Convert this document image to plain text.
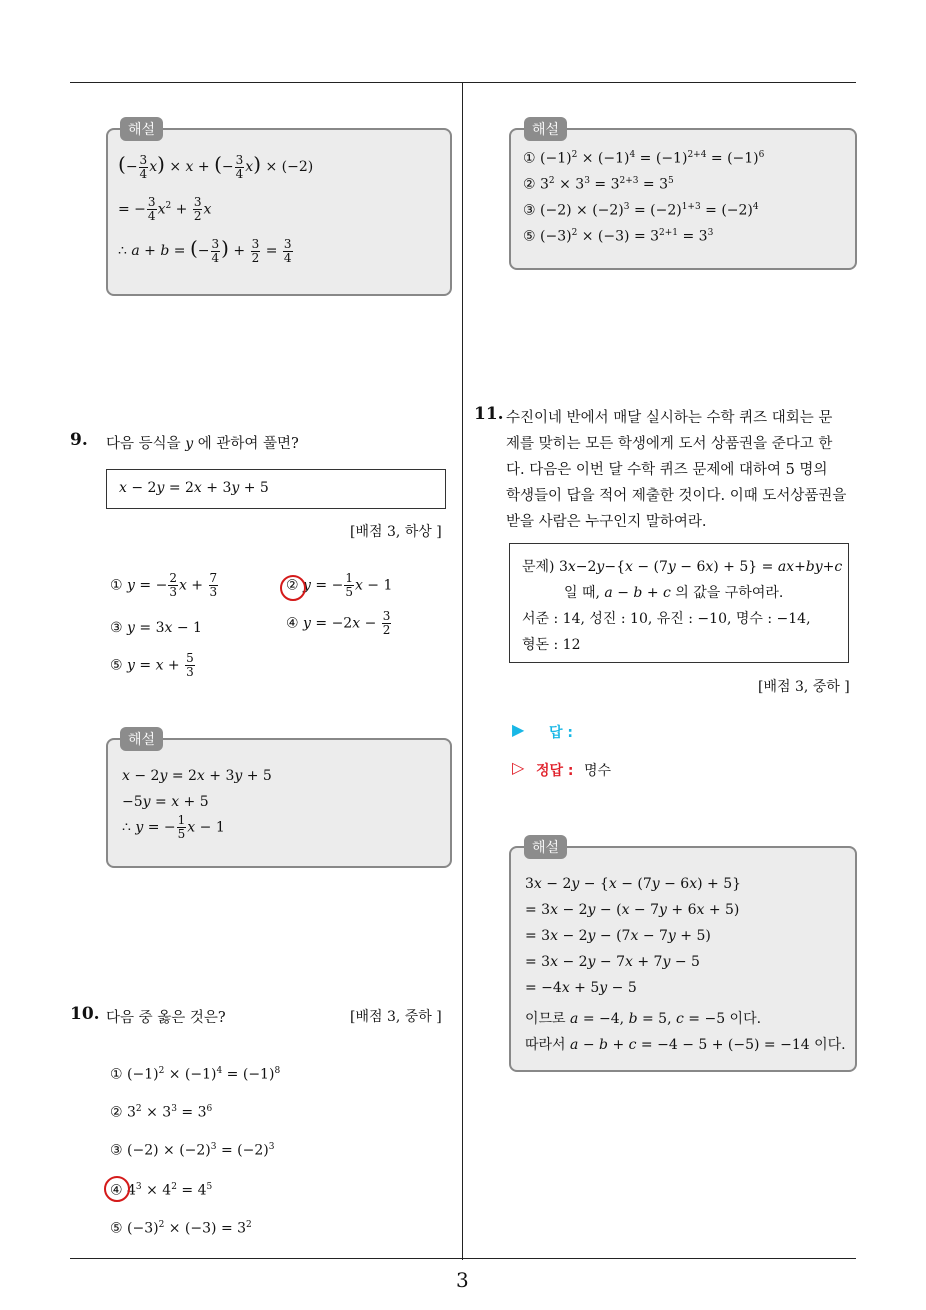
(− $\frac{3}{4} x) \times x$ + (− $\frac{3}{4} x) \times (-2)$
= − $\frac{3}{4} x^2 + \frac{3}{2}$ x
∴ a + b = (− $\frac{3}{4}$ ) + $\frac{3}{2} = \frac{3}{4}$
해설
9. 다음 등식을 y 에 관하여 풀면?
x − 2y = 2x + 3y + 5
[배점 3, 하상 ]
① y = − $\frac{2}{3}$ $x + \frac{7}{3}$	② y = − $\frac{1}{5}$ x − 1
③ y = 3x − 1	④ $y = -2x - \frac{3}{2}$
⑤ $y = x + \frac{5}{3}$
x − 2y = 2x + 3y + 5
−5y = x + 5
∴ y = − $\frac{1}{5}$ x − 1
해설
10. 다음 중 옳은 것은?	[배점 3, 중하 ]
① $(-1)^2 \times (-1)^4 = (-1)^8$
② $3^2 \times 3^3 = 3^6$
③ $(-2) \times (-2)^3 = (-2)^3$
④ $4^3 \times 4^2 = 4^5$
⑤ $(-3)^2 \times (-3) = 3^2$
① $(-1)^2 \times (-1)^4 = (-1)^{2+4} = (-1)^6$
② $3^2 \times 3^3 = 3^{2+3} = 3^5$
③ $(-2) \times (-2)^3 = (-2)^{1+3} = (-2)^4$
⑤ $(-3)^2 \times (-3) = 3^{2+1} = 3^3$
해설
11. 수진이네 반에서 매달 실시하는 수학 퀴즈 대회는 문
제를 맞히는 모든 학생에게 도서 상품권을 준다고 한
다. 다음은 이번 달 수학 퀴즈 문제에 대하여 5 명의
학생들이 답을 적어 제출한 것이다. 이때 도서상품권을
받을 사람은 누구인지 말하여라.
문제) 3x−2y−{x − (7y − 6x) + 5} = ax+by+c
일 때, a − b + c 의 값을 구하여라.
서준 : 14, 성진 : 10, 유진 : −10, 명수 : −14,
형돈 : 12
[배점 3, 중하 ]
▶ 답 :
▷ 정답 : 명수
3x − 2y − {x − (7y − 6x) + 5}
= 3x − 2y − (x − 7y + 6x + 5)
= 3x − 2y − (7x − 7y + 5)
= 3x − 2y − 7x + 7y − 5
= −4x + 5y − 5
이므로 a = −4, b = 5, c = −5 이다.
따라서 a − b + c = −4 − 5 + (−5) = −14 이다.
해설
3
